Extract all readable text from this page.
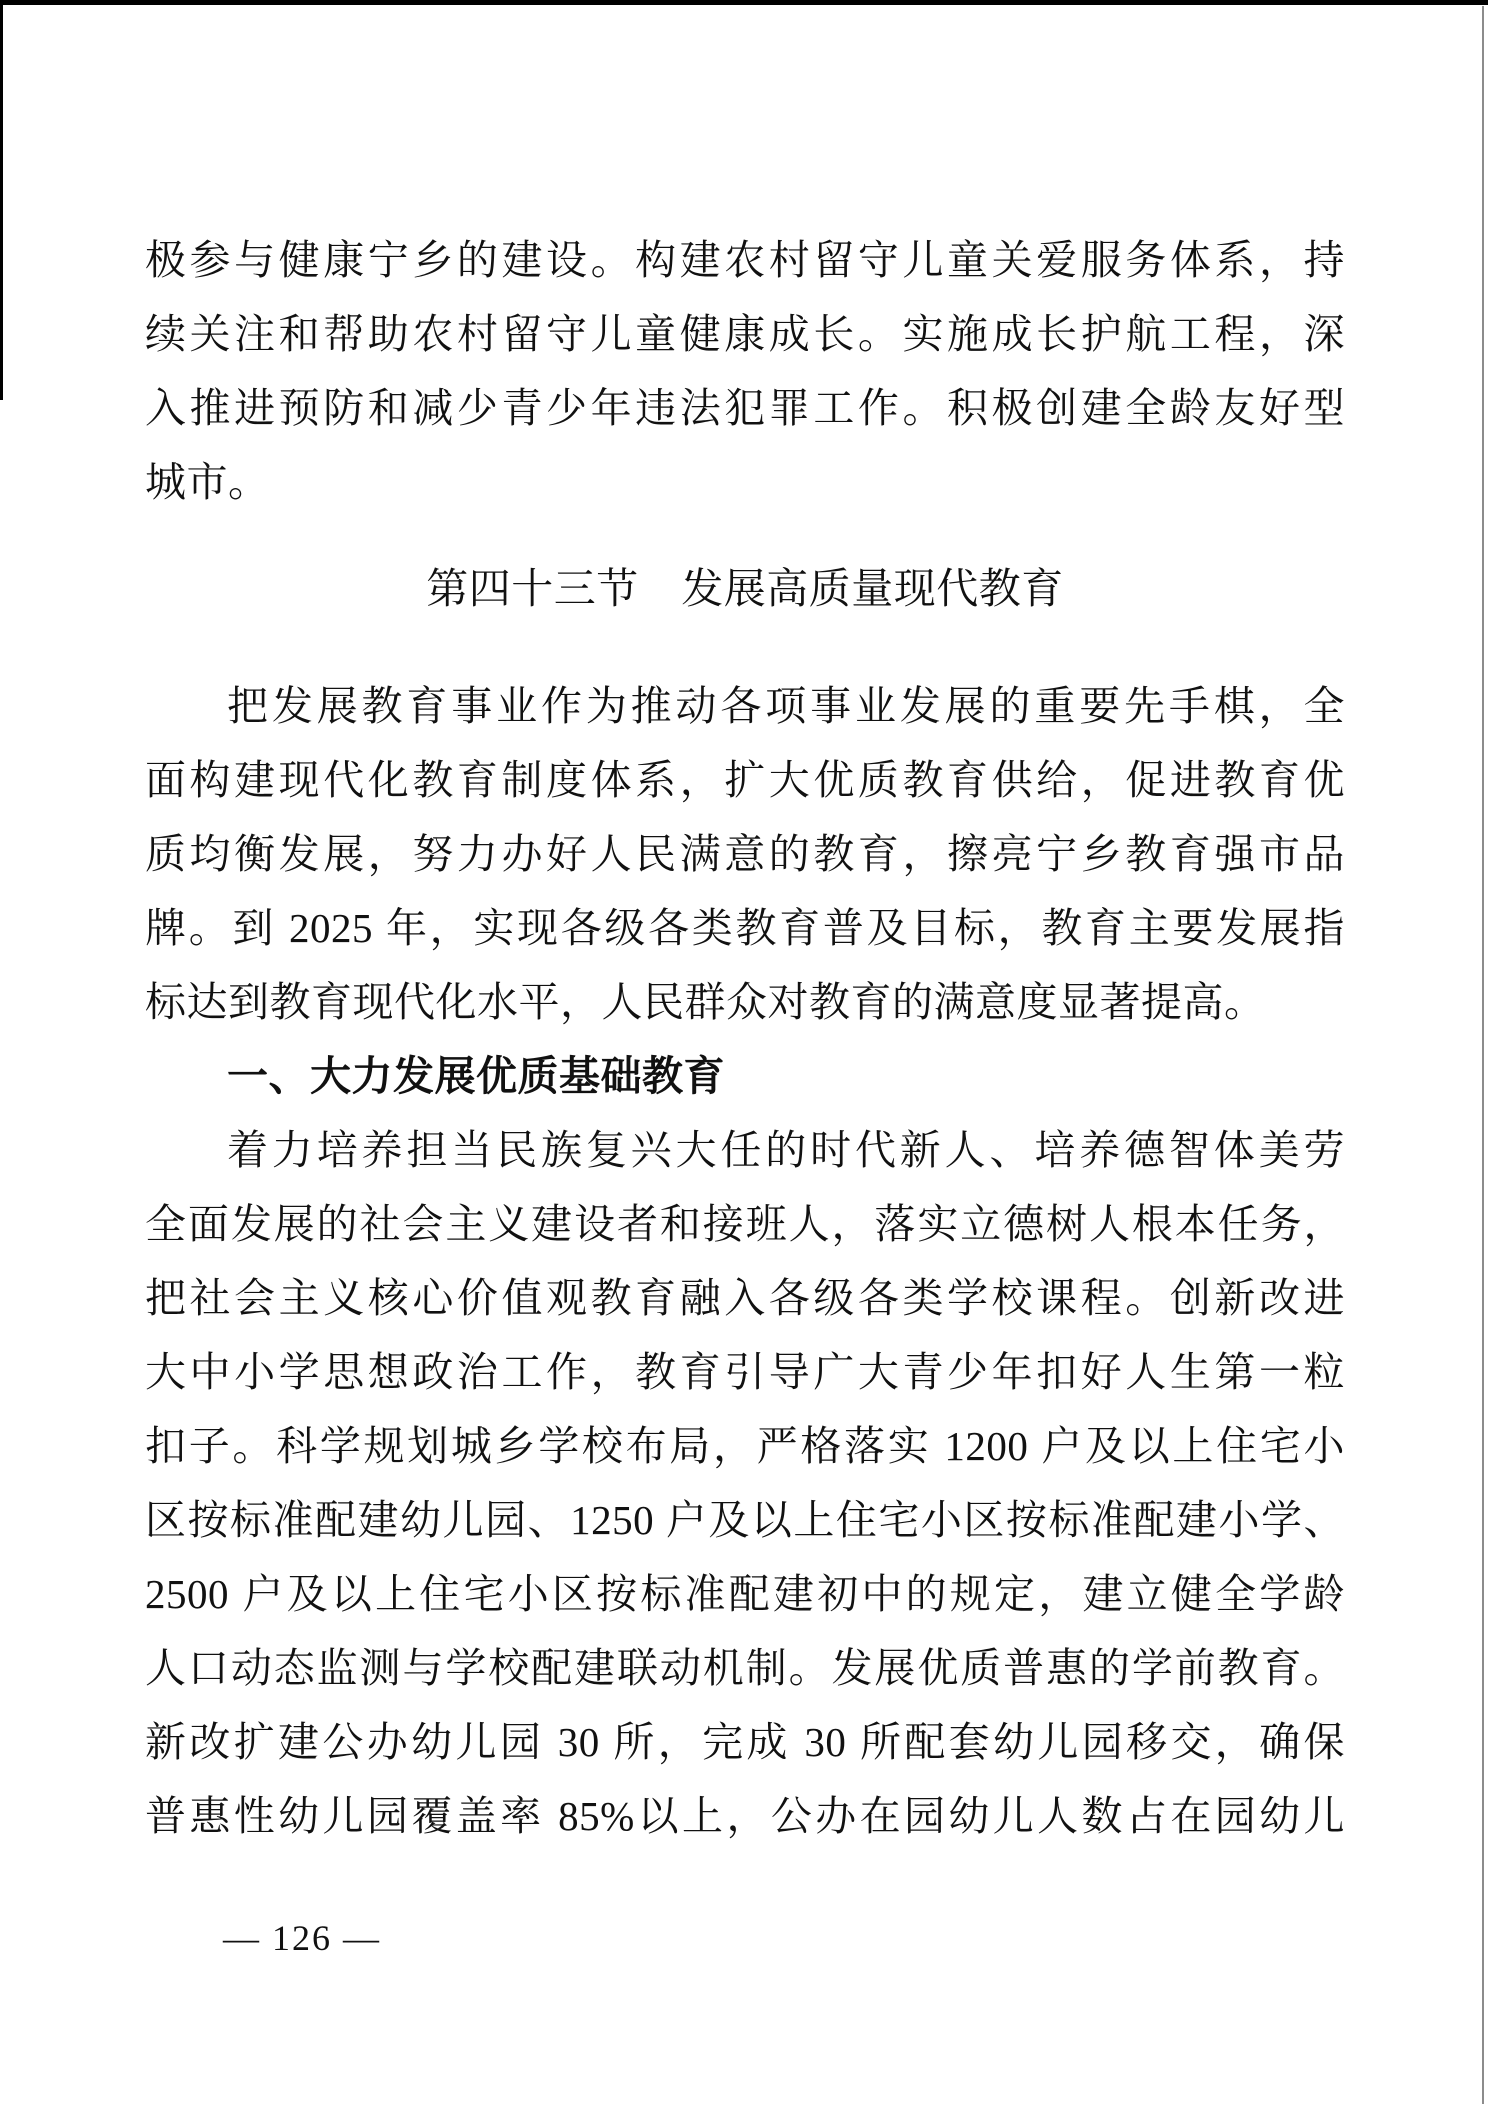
极参与健康宁乡的建设。构建农村留守儿童关爱服务体系，持
续关注和帮助农村留守儿童健康成长。实施成长护航工程，深
入推进预防和减少青少年违法犯罪工作。积极创建全龄友好型
城市。
第四十三节　发展高质量现代教育
把发展教育事业作为推动各项事业发展的重要先手棋，全
面构建现代化教育制度体系，扩大优质教育供给，促进教育优
质均衡发展，努力办好人民满意的教育，擦亮宁乡教育强市品
牌。到 2025 年，实现各级各类教育普及目标，教育主要发展指
标达到教育现代化水平，人民群众对教育的满意度显著提高。
一、大力发展优质基础教育
着力培养担当民族复兴大任的时代新人、培养德智体美劳
全面发展的社会主义建设者和接班人，落实立德树人根本任务，
把社会主义核心价值观教育融入各级各类学校课程。创新改进
大中小学思想政治工作，教育引导广大青少年扣好人生第一粒
扣子。科学规划城乡学校布局，严格落实 1200 户及以上住宅小
区按标准配建幼儿园、1250 户及以上住宅小区按标准配建小学、
2500 户及以上住宅小区按标准配建初中的规定，建立健全学龄
人口动态监测与学校配建联动机制。发展优质普惠的学前教育。
新改扩建公办幼儿园 30 所，完成 30 所配套幼儿园移交，确保
普惠性幼儿园覆盖率 85%以上，公办在园幼儿人数占在园幼儿
— 126 —
